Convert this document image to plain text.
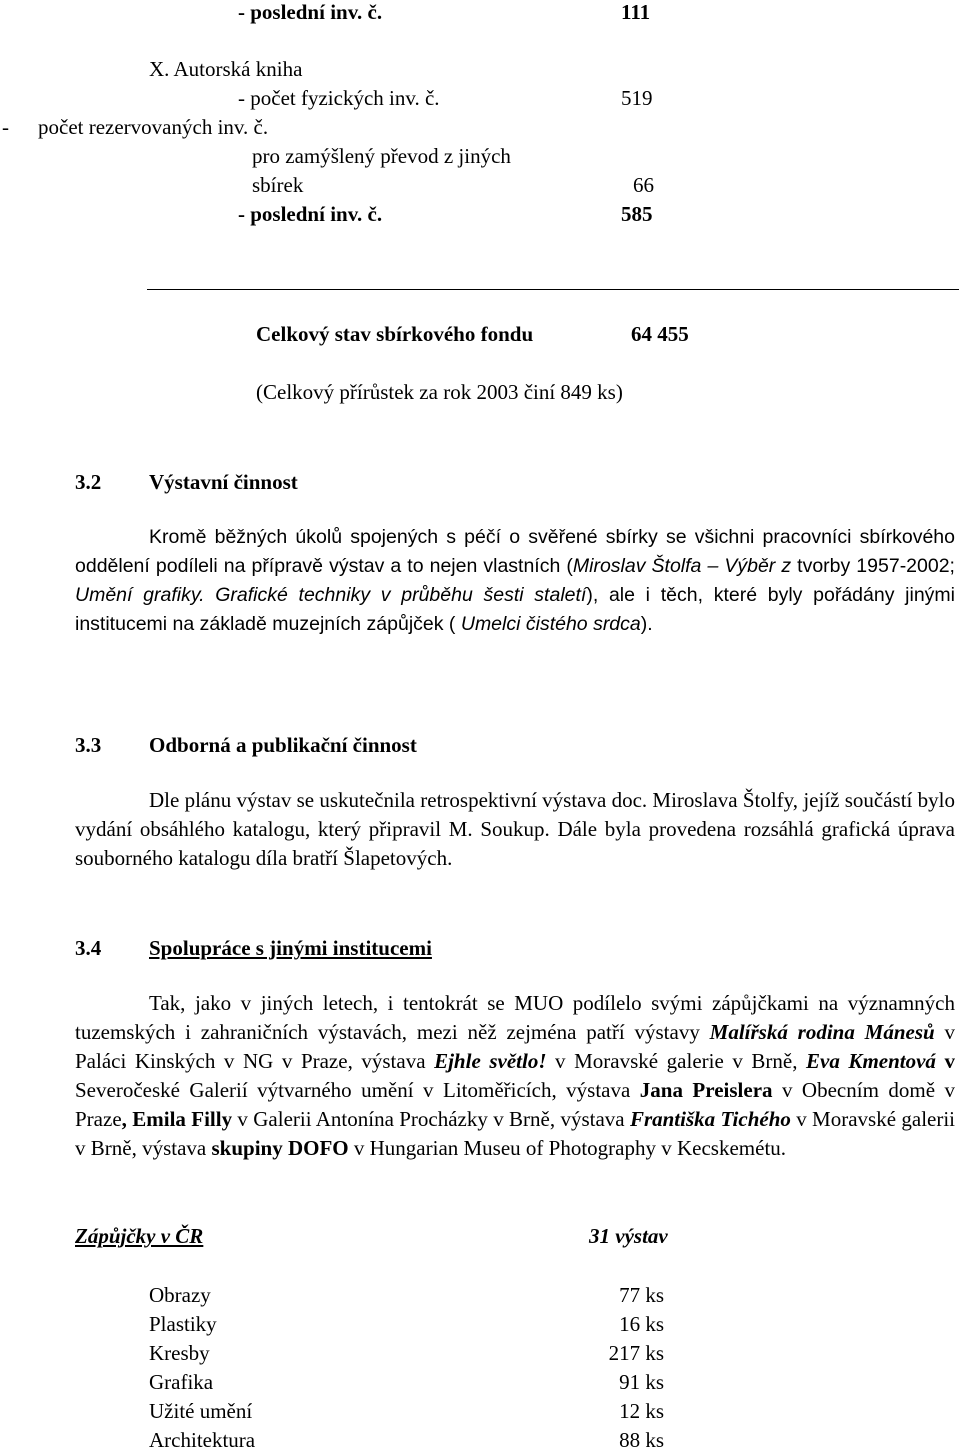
- poslední inv. č.	111
X. Autorská kniha
- počet fyzických inv. č.	519
- počet rezervovaných inv. č.
pro zamýšlený převod z jiných
sbírek	66
- poslední inv. č.	585
Celkový stav sbírkového fondu	64 455
(Celkový přírůstek za rok 2003 činí 849 ks)
3.2 Výstavní činnost
Kromě běžných úkolů spojených s péčí o svěřené sbírky se všichni pracovníci sbírkového oddělení podíleli na přípravě výstav a to nejen vlastních (Miroslav Štolfa – Výběr z tvorby 1957-2002; Umění grafiky. Grafické techniky v průběhu šesti staletí), ale i těch, které byly pořádány jinými institucemi na základě muzejních zápůjček ( Umelci čistého srdca).
3.3 Odborná a publikační činnost
Dle plánu výstav se uskutečnila retrospektivní výstava doc. Miroslava Štolfy, jejíž součástí bylo vydání obsáhlého katalogu, který připravil M. Soukup. Dále byla provedena rozsáhlá grafická úprava souborného katalogu díla bratří Šlapetových.
3.4 Spolupráce s jinými institucemi
Tak, jako v jiných letech, i tentokrát se MUO podílelo svými zápůjčkami na významných tuzemských i zahraničních výstavách, mezi něž zejména patří výstavy Malířská rodina Mánesů v Paláci Kinských v NG v Praze, výstava Ejhle světlo! v Moravské galerie v Brně, Eva Kmentová v Severočeské Galerií výtvarného umění v Litoměřicích, výstava Jana Preislera v Obecním domě v Praze, Emila Filly v Galerii Antonína Procházky v Brně, výstava Františka Tichého v Moravské galerii v Brně, výstava skupiny DOFO v Hungarian Museu of Photography v Kecskemétu.
Zápůjčky v ČR	31 výstav
Obrazy	77 ks
Plastiky	16 ks
Kresby	217 ks
Grafika	91 ks
Užité umění	12 ks
Architektura	88 ks
